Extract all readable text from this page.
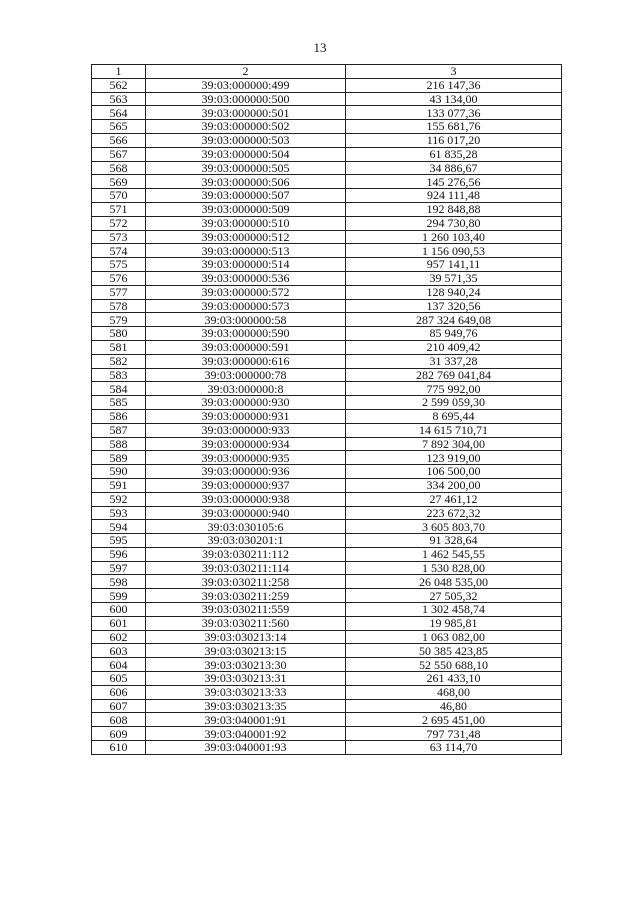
13
1	2	3
562	39:03:000000:499	216 147,36
563	39:03:000000:500	43 134,00
564	39:03:000000:501	133 077,36
565	39:03:000000:502	155 681,76
566	39:03:000000:503	116 017,20
567	39:03:000000:504	61 835,28
568	39:03:000000:505	34 886,67
569	39:03:000000:506	145 276,56
570	39:03:000000:507	924 111,48
571	39:03:000000:509	192 848,88
572	39:03:000000:510	294 730,80
573	39:03:000000:512	1 260 103,40
574	39:03:000000:513	1 156 090,53
575	39:03:000000:514	957 141,11
576	39:03:000000:536	39 571,35
577	39:03:000000:572	128 940,24
578	39:03:000000:573	137 320,56
579	39:03:000000:58	287 324 649,08
580	39:03:000000:590	85 949,76
581	39:03:000000:591	210 409,42
582	39:03:000000:616	31 337,28
583	39:03:000000:78	282 769 041,84
584	39:03:000000:8	775 992,00
585	39:03:000000:930	2 599 059,30
586	39:03:000000:931	8 695,44
587	39:03:000000:933	14 615 710,71
588	39:03:000000:934	7 892 304,00
589	39:03:000000:935	123 919,00
590	39:03:000000:936	106 500,00
591	39:03:000000:937	334 200,00
592	39:03:000000:938	27 461,12
593	39:03:000000:940	223 672,32
594	39:03:030105:6	3 605 803,70
595	39:03:030201:1	91 328,64
596	39:03:030211:112	1 462 545,55
597	39:03:030211:114	1 530 828,00
598	39:03:030211:258	26 048 535,00
599	39:03:030211:259	27 505,32
600	39:03:030211:559	1 302 458,74
601	39:03:030211:560	19 985,81
602	39:03:030213:14	1 063 082,00
603	39:03:030213:15	50 385 423,85
604	39:03:030213:30	52 550 688,10
605	39:03:030213:31	261 433,10
606	39:03:030213:33	468,00
607	39:03:030213:35	46,80
608	39:03:040001:91	2 695 451,00
609	39:03:040001:92	797 731,48
610	39:03:040001:93	63 114,70
